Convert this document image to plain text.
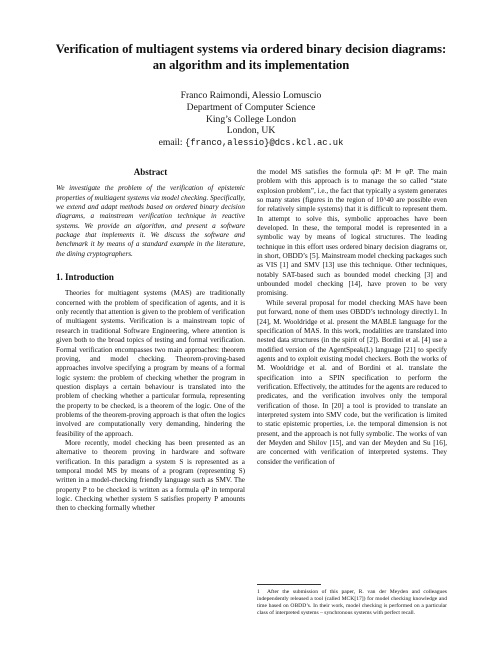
Verification of multiagent systems via ordered binary decision diagrams:
an algorithm and its implementation
Franco Raimondi, Alessio Lomuscio
Department of Computer Science
King’s College London
London, UK
email: {franco,alessio}@dcs.kcl.ac.uk
Abstract

We investigate the problem of the verification of epistemic properties of multiagent systems via model checking. Specifically, we extend and adapt methods based on ordered binary decision diagrams, a mainstream verification technique in reactive systems. We provide an algorithm, and present a software package that implements it. We discuss the software and benchmark it by means of a standard example in the literature, the dining cryptographers.

1. Introduction

Theories for multiagent systems (MAS) are traditionally concerned with the problem of specification of agents, and it is only recently that attention is given to the problem of verification of multiagent systems. Verification is a mainstream topic of research in traditional Software Engineering, where attention is given both to the broad topics of testing and formal verification. Formal verification encompasses two main approaches: theorem proving, and model checking. Theorem-proving-based approaches involve specifying a program by means of a formal logic system: the problem of checking whether the program in question displays a certain behaviour is translated into the problem of checking whether a particular formula, representing the property to be checked, is a theorem of the logic. One of the problems of the theorem-proving approach is that often the logics involved are computationally very demanding, hindering the feasibility of the approach.

More recently, model checking has been presented as an alternative to theorem proving in hardware and software verification. In this paradigm a system S is represented as a temporal model MS by means of a program (representing S) written in a model-checking friendly language such as SMV. The property P to be checked is written as a formula φP in temporal logic. Checking whether system S satisfies property P amounts then to checking formally whether

the model MS satisfies the formula φP: M ⊨ φP. The main problem with this approach is to manage the so called “state explosion problem”, i.e., the fact that typically a system generates so many states (figures in the region of 10^40 are possible even for relatively simple systems) that it is difficult to represent them. In attempt to solve this, symbolic approaches have been developed. In these, the temporal model is represented in a symbolic way by means of logical structures. The leading technique in this effort uses ordered binary decision diagrams or, in short, OBDD’s [5]. Mainstream model checking packages such as VIS [1] and SMV [13] use this technique. Other techniques, notably SAT-based such as bounded model checking [3] and unbounded model checking [14], have proven to be very promising.

While several proposal for model checking MAS have been put forward, none of them uses OBDD’s technology directly1. In [24], M. Wooldridge et al. present the MABLE language for the specification of MAS. In this work, modalities are translated into nested data structures (in the spirit of [2]). Bordini et al. [4] use a modified version of the AgentSpeak(L) language [21] to specify agents and to exploit existing model checkers. Both the works of M. Wooldridge et al. and of Bordini et al. translate the specification into a SPIN specification to perform the verification. Effectively, the attitudes for the agents are reduced to predicates, and the verification involves only the temporal verification of those. In [20] a tool is provided to translate an interpreted system into SMV code, but the verification is limited to static epistemic properties, i.e. the temporal dimension is not present, and the approach is not fully symbolic. The works of van der Meyden and Shilov [15], and van der Meyden and Su [16], are concerned with verification of interpreted systems. They consider the verification of

1 After the submission of this paper, R. van der Meyden and colleagues independently released a tool (called MCK[17]) for model checking knowledge and time based on OBDD’s. In their work, model checking is performed on a particular class of interpreted systems – synchronous systems with perfect recall.
